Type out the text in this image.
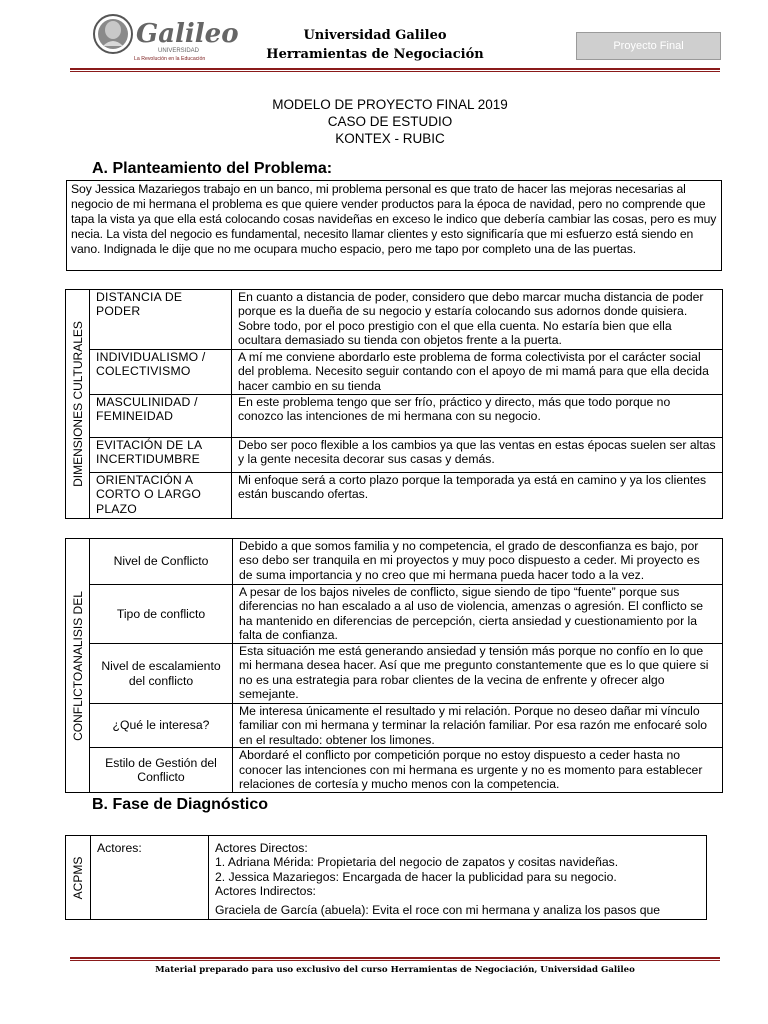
Galileo
UNIVERSIDAD
La Revolución en la Educación
Universidad Galileo
Herramientas de Negociación
Proyecto Final
MODELO DE PROYECTO FINAL 2019
CASO DE ESTUDIO
KONTEX - RUBIC
A. Planteamiento del Problema:
Soy Jessica Mazariegos trabajo en un banco, mi problema personal es que trato de hacer las mejoras necesarias al negocio de mi hermana el problema es que quiere vender productos para la época de navidad, pero no comprende que tapa la vista ya que ella está colocando cosas navideñas en exceso le indico que debería cambiar las cosas, pero es muy necia. La vista del negocio es fundamental, necesito llamar clientes y esto significaría que mi esfuerzo está siendo en vano. Indignada le dije que no me ocupara mucho espacio, pero me tapo por completo una de las puertas.
DIMENSIONES CULTURALES	DISTANCIA DE PODER	En cuanto a distancia de poder, considero que debo marcar mucha distancia de poder porque es la dueña de su negocio y estaría colocando sus adornos donde quisiera. Sobre todo, por el poco prestigio con el que ella cuenta. No estaría bien que ella ocultara demasiado su tienda con objetos frente a la puerta.
	INDIVIDUALISMO / COLECTIVISMO	A mí me conviene abordarlo este problema de forma colectivista por el carácter social del problema. Necesito seguir contando con el apoyo de mi mamá para que ella decida hacer cambio en su tienda
	MASCULINIDAD / FEMINEIDAD	En este problema tengo que ser frío, práctico y directo, más que todo porque no conozco las intenciones de mi hermana con su negocio.
	EVITACIÓN DE LA INCERTIDUMBRE	Debo ser poco flexible a los cambios ya que las ventas en estas épocas suelen ser altas y la gente necesita decorar sus casas y demás.
	ORIENTACIÓN A CORTO O LARGO PLAZO	Mi enfoque será a corto plazo porque la temporada ya está en camino y ya los clientes están buscando ofertas.
CONFLICTOANALISIS DEL	Nivel de Conflicto	Debido a que somos familia y no competencia, el grado de desconfianza es bajo, por eso debo ser tranquila en mi proyectos y muy poco dispuesto a ceder. Mi proyecto es de suma importancia y no creo que mi hermana pueda hacer todo a la vez.
	Tipo de conflicto	A pesar de los bajos niveles de conflicto, sigue siendo de tipo “fuente” porque sus diferencias no han escalado a al uso de violencia, amenzas o agresión. El conflicto se ha mantenido en diferencias de percepción, cierta ansiedad y cuestionamiento por la falta de confianza.
	Nivel de escalamiento del conflicto	Esta situación me está generando ansiedad y tensión más porque no confío en lo que mi hermana desea hacer. Así que me pregunto constantemente que es lo que quiere si no es una estrategia para robar clientes de la vecina de enfrente y ofrecer algo semejante.
	¿Qué le interesa?	Me interesa únicamente el resultado y mi relación. Porque no deseo dañar mi vínculo familiar con mi hermana y terminar la relación familiar. Por esa razón me enfocaré solo en el resultado: obtener los limones.
	Estilo de Gestión del Conflicto	Abordaré el conflicto por competición porque no estoy dispuesto a ceder hasta no conocer las intenciones con mi hermana es urgente y no es momento para establecer relaciones de cortesía y mucho menos con la competencia.
B. Fase de Diagnóstico
ACPMS
	Actores:	Actores Directos:
1. Adriana Mérida: Propietaria del negocio de zapatos y cositas navideñas.
2. Jessica Mazariegos: Encargada de hacer la publicidad para su negocio.
Actores Indirectos:
Graciela de García (abuela): Evita el roce con mi hermana y analiza los pasos que
Material preparado para uso exclusivo del curso Herramientas de Negociación, Universidad Galileo
